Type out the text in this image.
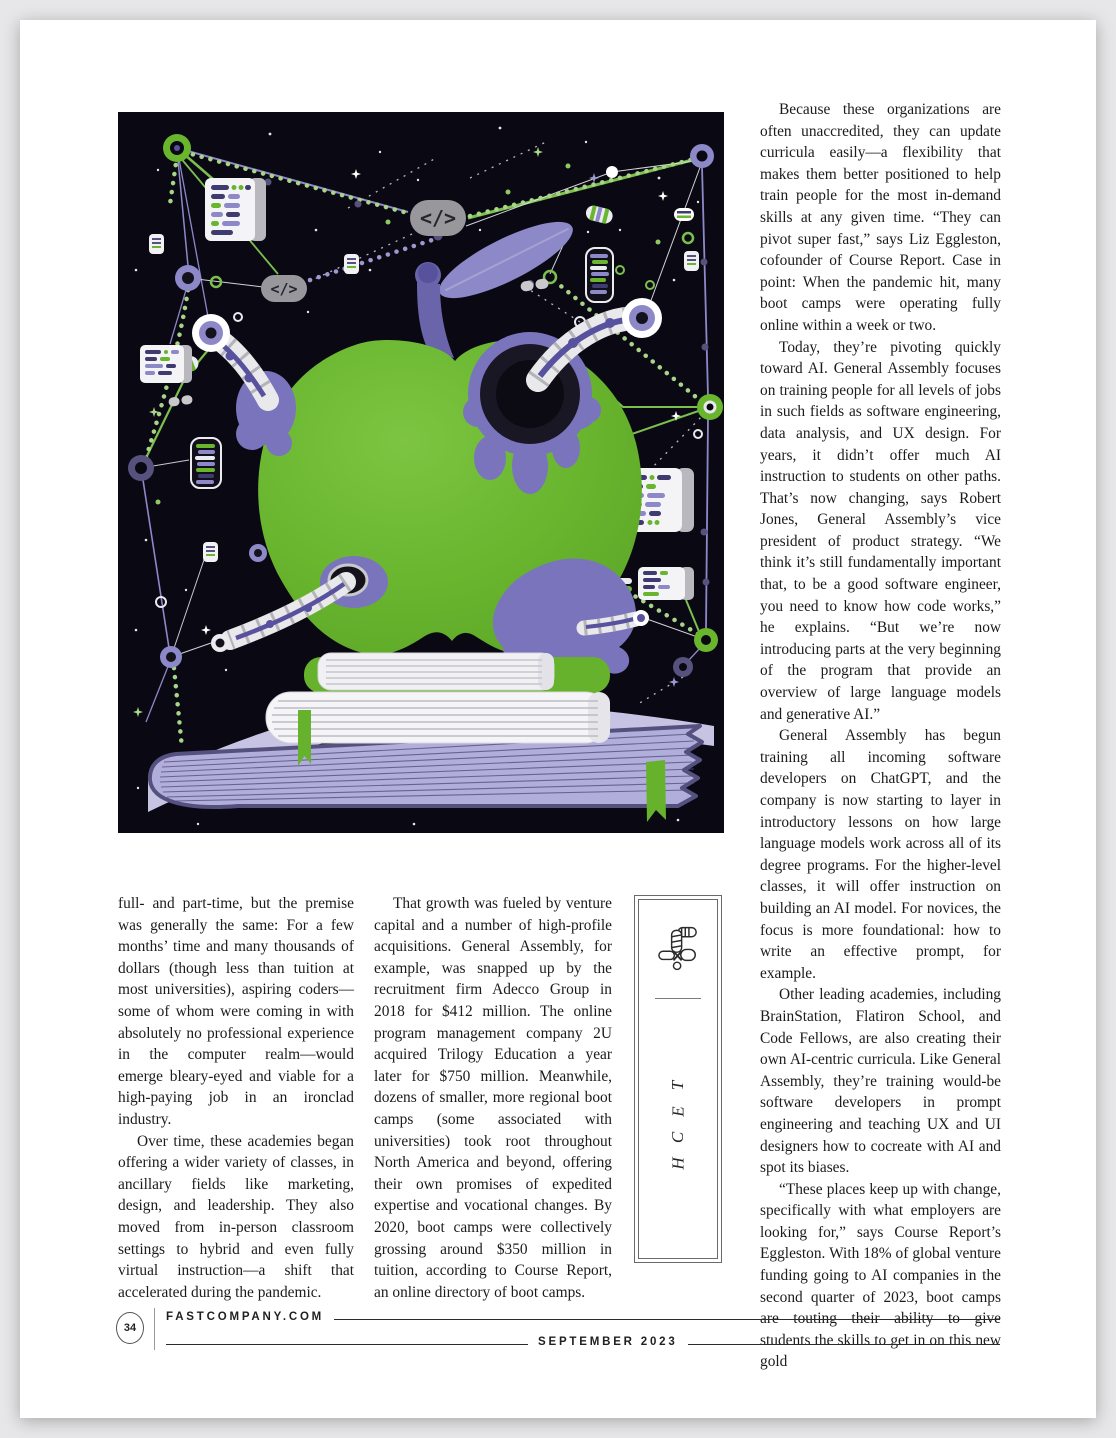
</>
</>

full- and part-time, but the premise was generally the same: For a few months’ time and many thousands of dollars (though less than tuition at most universities), aspiring coders—some of whom were coming in with absolutely no professional experience in the computer realm—would emerge bleary-eyed and viable for a high-paying job in an ironclad industry.

Over time, these academies began offering a wider variety of classes, in ancillary fields like marketing, design, and leadership. They also moved from in-person classroom settings to hybrid and even fully virtual instruction—a shift that accelerated during the pandemic.

That growth was fueled by venture capital and a number of high-profile acquisitions. General Assembly, for example, was snapped up by the recruitment firm Adecco Group in 2018 for $412 million. The online program management company 2U acquired Trilogy Education a year later for $750 million. Meanwhile, dozens of smaller, more regional boot camps (some associated with universities) took root throughout North America and beyond, offering their own promises of expedited expertise and vocational changes. By 2020, boot camps were collectively grossing around $350 million in tuition, according to Course Report, an online directory of boot camps.

T
E
C
H

Because these organizations are often unaccredited, they can update curricula easily—a flexibility that makes them better positioned to help train people for the most in-demand skills at any given time. “They can pivot super fast,” says Liz Eggleston, cofounder of Course Report. Case in point: When the pandemic hit, many boot camps were operating fully online within a week or two.

Today, they’re pivoting quickly toward AI. General Assembly focuses on training people for all levels of jobs in such fields as software engineering, data analysis, and UX design. For years, it didn’t offer much AI instruction to students on other paths. That’s now changing, says Robert Jones, General Assembly’s vice president of product strategy. “We think it’s still fundamentally important that, to be a good software engineer, you need to know how code works,” he explains. “But we’re now introducing parts at the very beginning of the program that provide an overview of large language models and generative AI.”

General Assembly has begun training all incoming software developers on ChatGPT, and the company is now starting to layer in introductory lessons on how large language models work across all of its degree programs. For the higher-level classes, it will offer instruction on building an AI model. For novices, the focus is more foundational: how to write an effective prompt, for example.

Other leading academies, including BrainStation, Flatiron School, and Code Fellows, are also creating their own AI-centric curricula. Like General Assembly, they’re training would-be software developers in prompt engineering and teaching UX and UI designers how to cocreate with AI and spot its biases.

“These places keep up with change, specifically with what employers are looking for,” says Course Report’s Eggleston. With 18% of global venture funding going to AI companies in the second quarter of 2023, boot camps are touting their ability to give students the skills to get in on this new gold

34
FASTCOMPANY.COM
SEPTEMBER 2023
